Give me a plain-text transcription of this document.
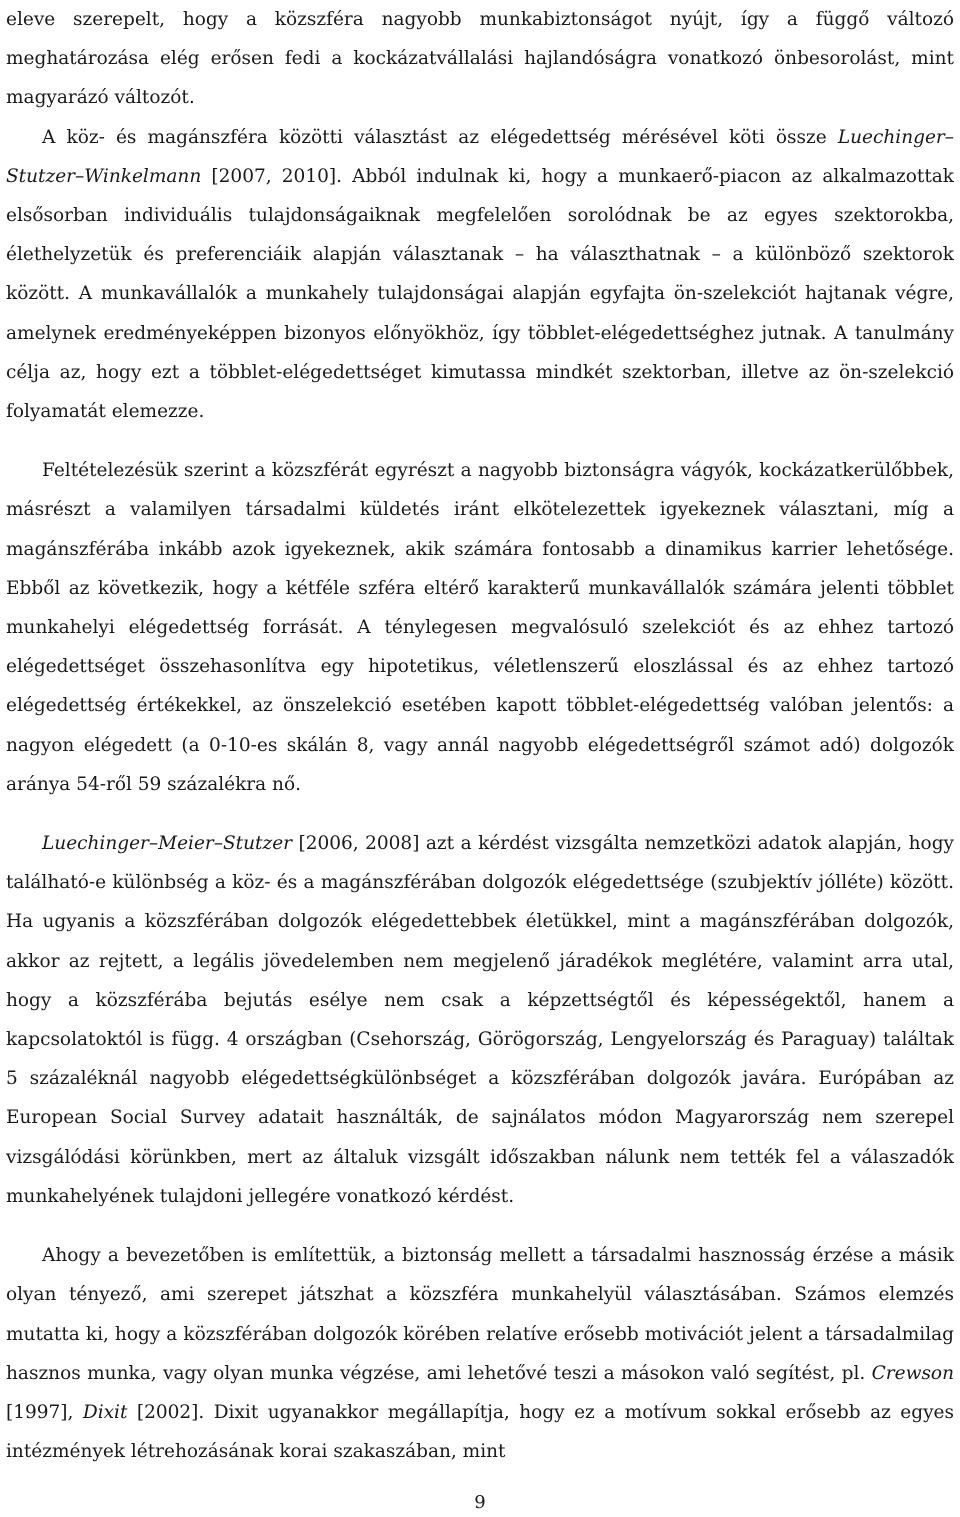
eleve szerepelt, hogy a közszféra nagyobb munkabiztonságot nyújt, így a függő változó meghatározása elég erősen fedi a kockázatvállalási hajlandóságra vonatkozó önbesorolást, mint magyarázó változót.

A köz- és magánszféra közötti választást az elégedettség mérésével köti össze Luechinger–Stutzer–Winkelmann [2007, 2010]. Abból indulnak ki, hogy a munkaerő-piacon az alkalmazottak elsősorban individuális tulajdonságaiknak megfelelően sorolódnak be az egyes szektorokba, élethelyzetük és preferenciáik alapján választanak – ha választhatnak – a különböző szektorok között. A munkavállalók a munkahely tulajdonságai alapján egyfajta ön-szelekciót hajtanak végre, amelynek eredményeképpen bizonyos előnyökhöz, így többlet-elégedettséghez jutnak. A tanulmány célja az, hogy ezt a többlet-elégedettséget kimutassa mindkét szektorban, illetve az ön-szelekció folyamatát elemezze.

Feltételezésük szerint a közszférát egyrészt a nagyobb biztonságra vágyók, kockázatkerülőbbek, másrészt a valamilyen társadalmi küldetés iránt elkötelezettek igyekeznek választani, míg a magánszférába inkább azok igyekeznek, akik számára fontosabb a dinamikus karrier lehetősége. Ebből az következik, hogy a kétféle szféra eltérő karakterű munkavállalók számára jelenti többlet munkahelyi elégedettség forrását. A ténylegesen megvalósuló szelekciót és az ehhez tartozó elégedettséget összehasonlítva egy hipotetikus, véletlenszerű eloszlással és az ehhez tartozó elégedettség értékekkel, az önszelekció esetében kapott többlet-elégedettség valóban jelentős: a nagyon elégedett (a 0-10-es skálán 8, vagy annál nagyobb elégedettségről számot adó) dolgozók aránya 54-ről 59 százalékra nő.

Luechinger–Meier–Stutzer [2006, 2008] azt a kérdést vizsgálta nemzetközi adatok alapján, hogy található-e különbség a köz- és a magánszférában dolgozók elégedettsége (szubjektív jólléte) között. Ha ugyanis a közszférában dolgozók elégedettebbek életükkel, mint a magánszférában dolgozók, akkor az rejtett, a legális jövedelemben nem megjelenő járadékok meglétére, valamint arra utal, hogy a közszférába bejutás esélye nem csak a képzettségtől és képességektől, hanem a kapcsolatoktól is függ. 4 országban (Csehország, Görögország, Lengyelország és Paraguay) találtak 5 százaléknál nagyobb elégedettségkülönbséget a közszférában dolgozók javára. Európában az European Social Survey adatait használták, de sajnálatos módon Magyarország nem szerepel vizsgálódási körünkben, mert az általuk vizsgált időszakban nálunk nem tették fel a válaszadók munkahelyének tulajdoni jellegére vonatkozó kérdést.

Ahogy a bevezetőben is említettük, a biztonság mellett a társadalmi hasznosság érzése a másik olyan tényező, ami szerepet játszhat a közszféra munkahelyül választásában. Számos elemzés mutatta ki, hogy a közszférában dolgozók körében relatíve erősebb motivációt jelent a társadalmilag hasznos munka, vagy olyan munka végzése, ami lehetővé teszi a másokon való segítést, pl. Crewson [1997], Dixit [2002]. Dixit ugyanakkor megállapítja, hogy ez a motívum sokkal erősebb az egyes intézmények létrehozásának korai szakaszában, mint

9
